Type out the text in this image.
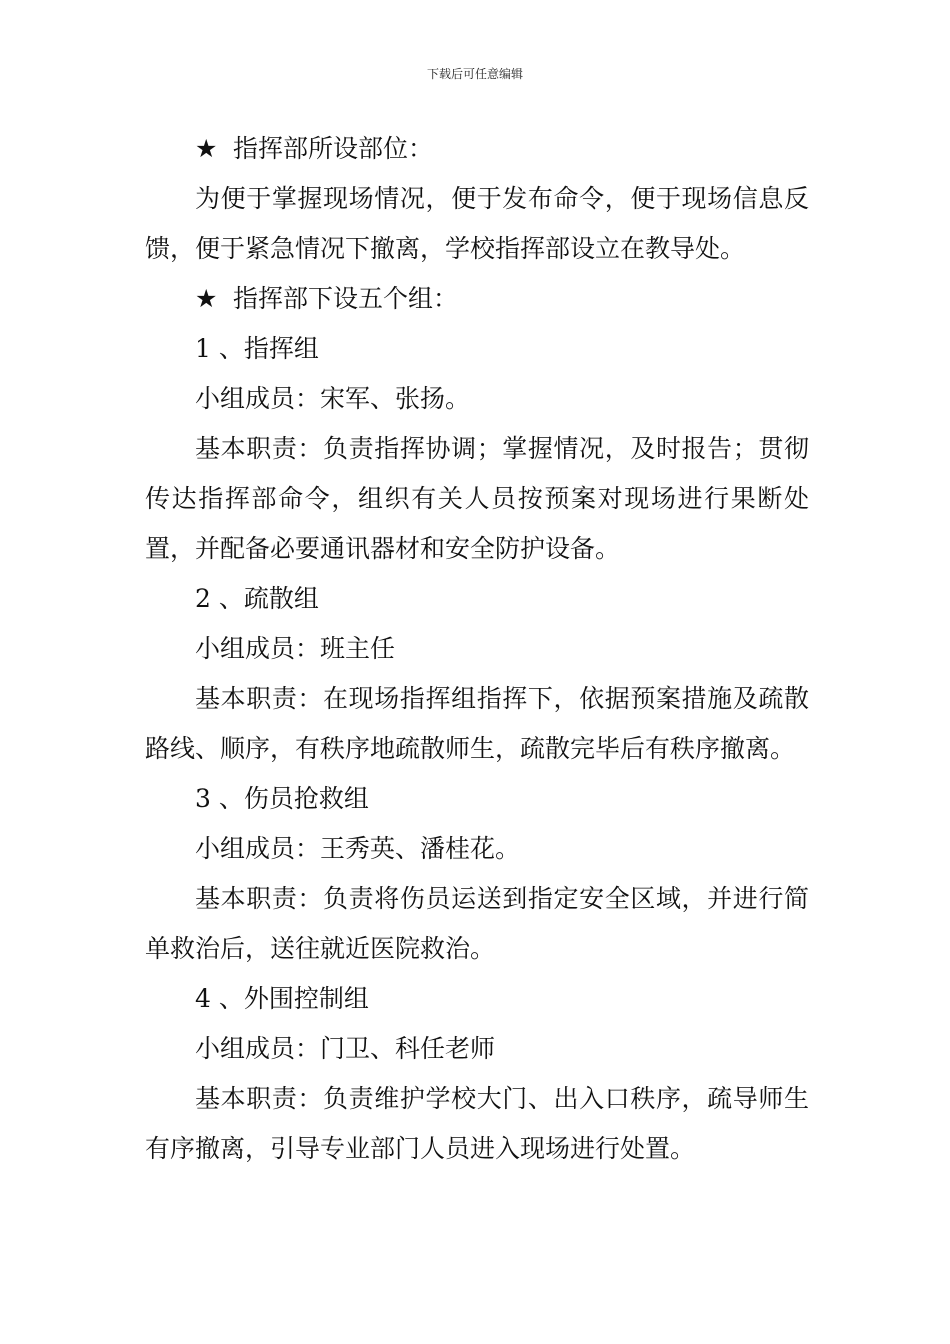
下载后可任意编辑

★ 指挥部所设部位：

为便于掌握现场情况，便于发布命令，便于现场信息反馈，便于紧急情况下撤离，学校指挥部设立在教导处。

★ 指挥部下设五个组：

1 、指挥组

小组成员：宋军、张扬。

基本职责：负责指挥协调；掌握情况，及时报告；贯彻传达指挥部命令，组织有关人员按预案对现场进行果断处置，并配备必要通讯器材和安全防护设备。

2 、疏散组

小组成员：班主任

基本职责：在现场指挥组指挥下，依据预案措施及疏散路线、顺序，有秩序地疏散师生，疏散完毕后有秩序撤离。

3 、伤员抢救组

小组成员：王秀英、潘桂花。

基本职责：负责将伤员运送到指定安全区域，并进行简单救治后，送往就近医院救治。

4 、外围控制组

小组成员：门卫、科任老师

基本职责：负责维护学校大门、出入口秩序，疏导师生有序撤离，引导专业部门人员进入现场进行处置。
